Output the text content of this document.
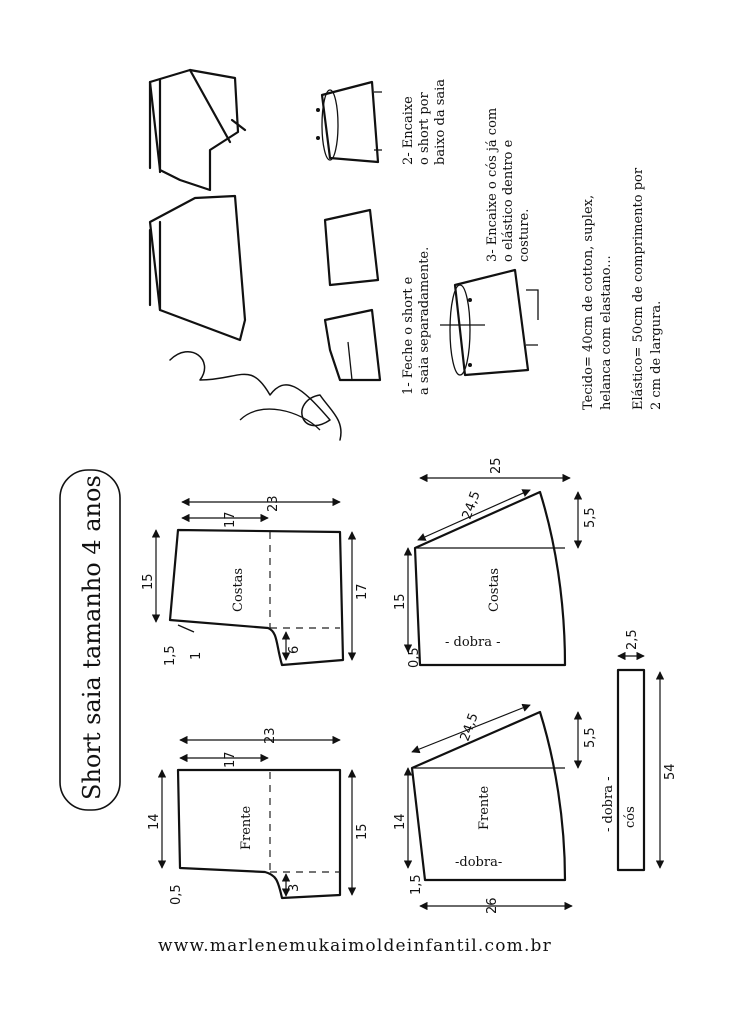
Short saia tamanho 4 anos
www.marlenemukaimoldeinfantil.com.br
1- Feche o short e a saia separadamente.
2- Encaixe o short por baixo da saia	3- Encaixe o cós já com o elástico dentro e costure.	Tecido= 40cm de cotton, suplex, helanca com elastano... Elástico= 50cm de comprimento por 2 cm de largura.
Costas
23
17
15
17
6
1,5 1
Frente
23
17
14
15
3
0,5
Costas
- dobra -
25
24,5	5,5
15
0,5
Frente
-dobra-
24,5	5,5
14
26
1,5
cós
- dobra -
2,5
54
